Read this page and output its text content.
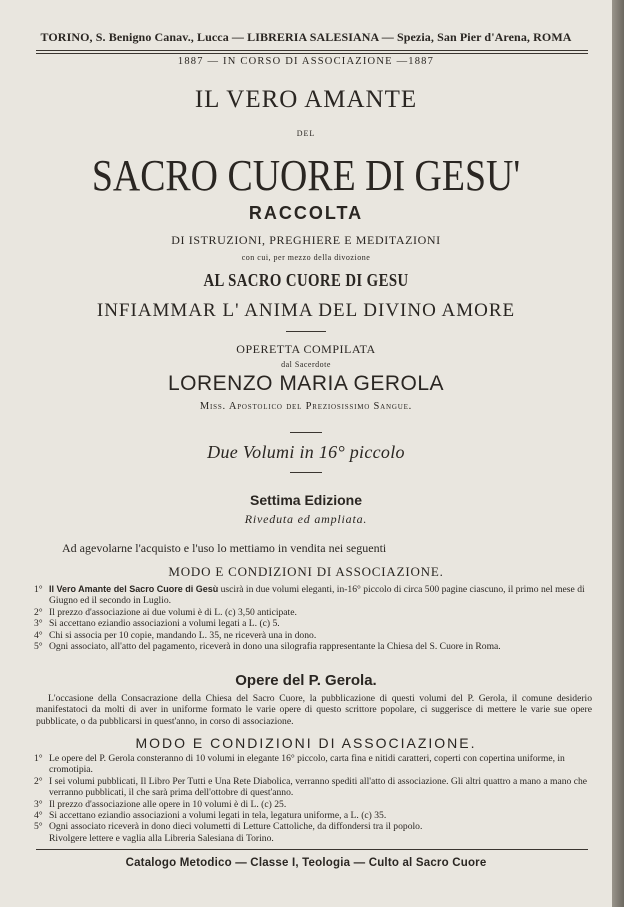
TORINO, S. Benigno Canav., Lucca — LIBRERIA SALESIANA — Spezia, San Pier d'Arena, ROMA
1887 — IN CORSO DI ASSOCIAZIONE —1887
IL VERO AMANTE
DEL
SACRO CUORE DI GESU'
RACCOLTA
DI ISTRUZIONI, PREGHIERE E MEDITAZIONI
con cui, per mezzo della divozione
AL SACRO CUORE DI GESU
INFIAMMAR L' ANIMA DEL DIVINO AMORE
OPERETTA COMPILATA
dal Sacerdote
LORENZO MARIA GEROLA
Miss. Apostolico del Preziosissimo Sangue.
Due Volumi in 16° piccolo
Settima Edizione
Riveduta ed ampliata.
Ad agevolarne l'acquisto e l'uso lo mettiamo in vendita nei seguenti
MODO E CONDIZIONI DI ASSOCIAZIONE.
1° Il Vero Amante del Sacro Cuore di Gesù uscirà in due volumi eleganti, in-16° piccolo di circa 500 pagine ciascuno, il primo nel mese di Giugno ed il secondo in Luglio.
2° Il prezzo d'associazione ai due volumi è di L. (c) 3,50 anticipate.
3° Si accettano eziandio associazioni a volumi legati a L. (c) 5.
4° Chi si associa per 10 copie, mandando L. 35, ne riceverà una in dono.
5° Ogni associato, all'atto del pagamento, riceverà in dono una silografia rappresentante la Chiesa del S. Cuore in Roma.
Opere del P. Gerola.
L'occasione della Consacrazione della Chiesa del Sacro Cuore, la pubblicazione di questi volumi del P. Gerola, il comune desiderio manifestatoci da molti di aver in uniforme formato le varie opere di questo scrittore popolare, ci suggerisce di mettere le varie sue opere pubblicate, o da pubblicarsi in quest'anno, in corso di associazione.
MODO E CONDIZIONI DI ASSOCIAZIONE.
1° Le opere del P. Gerola consteranno di 10 volumi in elegante 16° piccolo, carta fina e nitidi caratteri, coperti con copertina uniforme, in cromotipia.
2° I sei volumi pubblicati, Il Libro Per Tutti e Una Rete Diabolica, verranno spediti all'atto di associazione. Gli altri quattro a mano a mano che verranno pubblicati, il che sarà prima dell'ottobre di quest'anno.
3° Il prezzo d'associazione alle opere in 10 volumi è di L. (c) 25.
4° Si accettano eziandio associazioni a volumi legati in tela, legatura uniforme, a L. (c) 35.
5° Ogni associato riceverà in dono dieci volumetti di Letture Cattoliche, da diffondersi tra il popolo.
Rivolgere lettere e vaglia alla Libreria Salesiana di Torino.
Catalogo Metodico — Classe I, Teologia — Culto al Sacro Cuore
